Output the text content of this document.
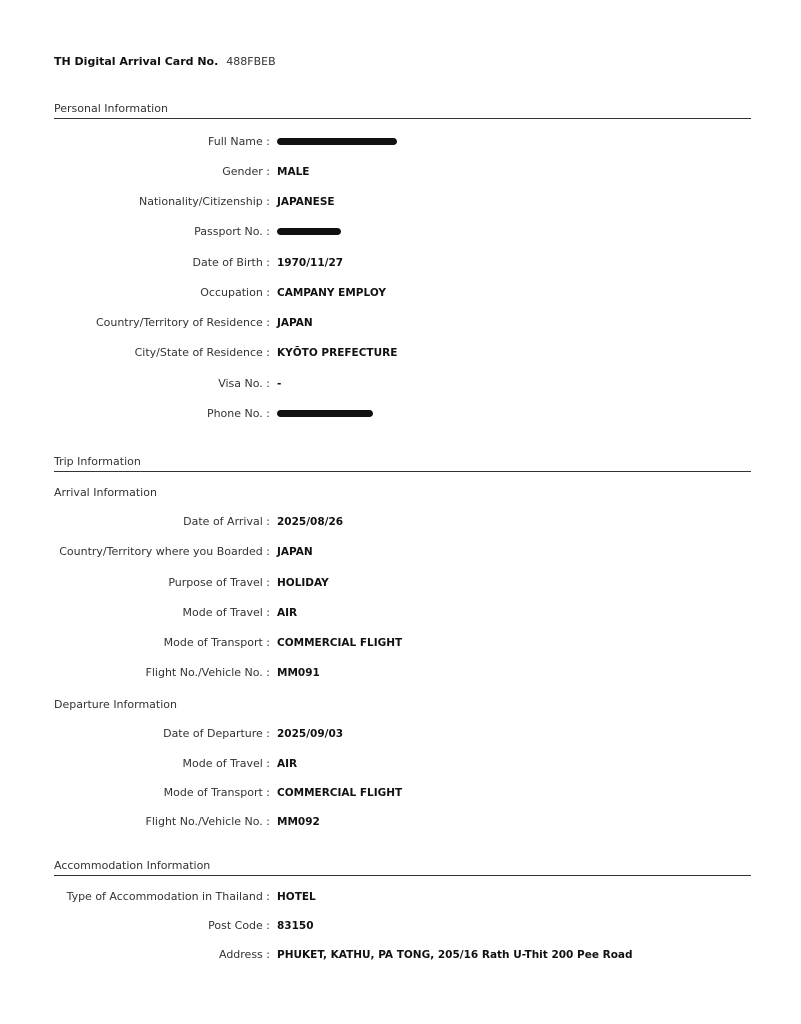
TH Digital Arrival Card No. 488FBEB
Personal Information
Full Name :
Gender : MALE
Nationality/Citizenship : JAPANESE
Passport No. :
Date of Birth : 1970/11/27
Occupation : CAMPANY EMPLOY
Country/Territory of Residence : JAPAN
City/State of Residence : KYŌTO PREFECTURE
Visa No. : -
Phone No. :
Trip Information
Arrival Information
Date of Arrival : 2025/08/26
Country/Territory where you Boarded : JAPAN
Purpose of Travel : HOLIDAY
Mode of Travel : AIR
Mode of Transport : COMMERCIAL FLIGHT
Flight No./Vehicle No. : MM091
Departure Information
Date of Departure : 2025/09/03
Mode of Travel : AIR
Mode of Transport : COMMERCIAL FLIGHT
Flight No./Vehicle No. : MM092
Accommodation Information
Type of Accommodation in Thailand : HOTEL
Post Code : 83150
Address : PHUKET, KATHU, PA TONG, 205/16 Rath U-Thit 200 Pee Road
